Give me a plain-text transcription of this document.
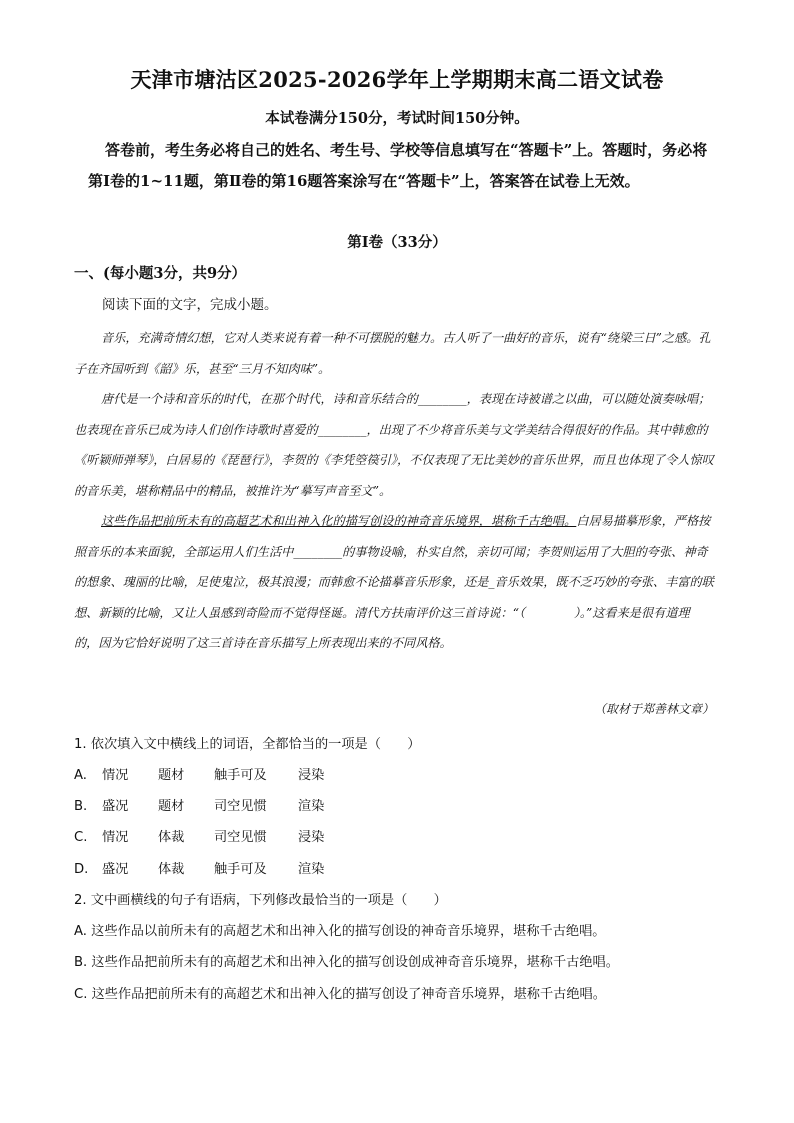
天津市塘沽区2025-2026学年上学期期末高二语文试卷
本试卷满分150分，考试时间150分钟。
答卷前，考生务必将自己的姓名、考生号、学校等信息填写在“答题卡”上。答题时，务必将第Ⅰ卷的1~11题，第Ⅱ卷的第16题答案涂写在“答题卡”上，答案答在试卷上无效。
第Ⅰ卷（33分）
一、(每小题3分，共9分）
阅读下面的文字，完成小题。
音乐，充满奇情幻想，它对人类来说有着一种不可摆脱的魅力。古人听了一曲好的音乐，说有“绕梁三日”之感。孔子在齐国听到《韶》乐，甚至“三月不知肉味”。
唐代是一个诗和音乐的时代，在那个时代，诗和音乐结合的________，表现在诗被谱之以曲，可以随处演奏咏唱；也表现在音乐已成为诗人们创作诗歌时喜爱的________，出现了不少将音乐美与文学美结合得很好的作品。其中韩愈的《听颖师弹琴》，白居易的《琵琶行》，李贺的《李凭箜篌引》，不仅表现了无比美妙的音乐世界，而且也体现了令人惊叹的音乐美，堪称精品中的精品，被推许为“摹写声音至文”。
这些作品把前所未有的高超艺术和出神入化的描写创设的神奇音乐境界，堪称千古绝唱。白居易描摹形象，严格按照音乐的本来面貌，全部运用人们生活中________的事物设喻，朴实自然，亲切可闻；李贺则运用了大胆的夸张、神奇的想象、瑰丽的比喻，足使鬼泣，极其浪漫；而韩愈不论描摹音乐形象，还是_音乐效果，既不乏巧妙的夸张、丰富的联想、新颖的比喻，又让人虽感到奇险而不觉得怪诞。清代方扶南评价这三首诗说：“（　　　　）。”这看来是很有道理的，因为它恰好说明了这三首诗在音乐描写上所表现出来的不同风格。
（取材于郑善林文章）
1. 依次填入文中横线上的词语，全都恰当的一项是（　　）
A. 情况 题材 触手可及 浸染
B. 盛况 题材 司空见惯 渲染
C. 情况 体裁 司空见惯 浸染
D. 盛况 体裁 触手可及 渲染
2. 文中画横线的句子有语病，下列修改最恰当的一项是（　　）
A. 这些作品以前所未有的高超艺术和出神入化的描写创设的神奇音乐境界，堪称千古绝唱。
B. 这些作品把前所未有的高超艺术和出神入化的描写创设创成神奇音乐境界，堪称千古绝唱。
C. 这些作品把前所未有的高超艺术和出神入化的描写创设了神奇音乐境界，堪称千古绝唱。
